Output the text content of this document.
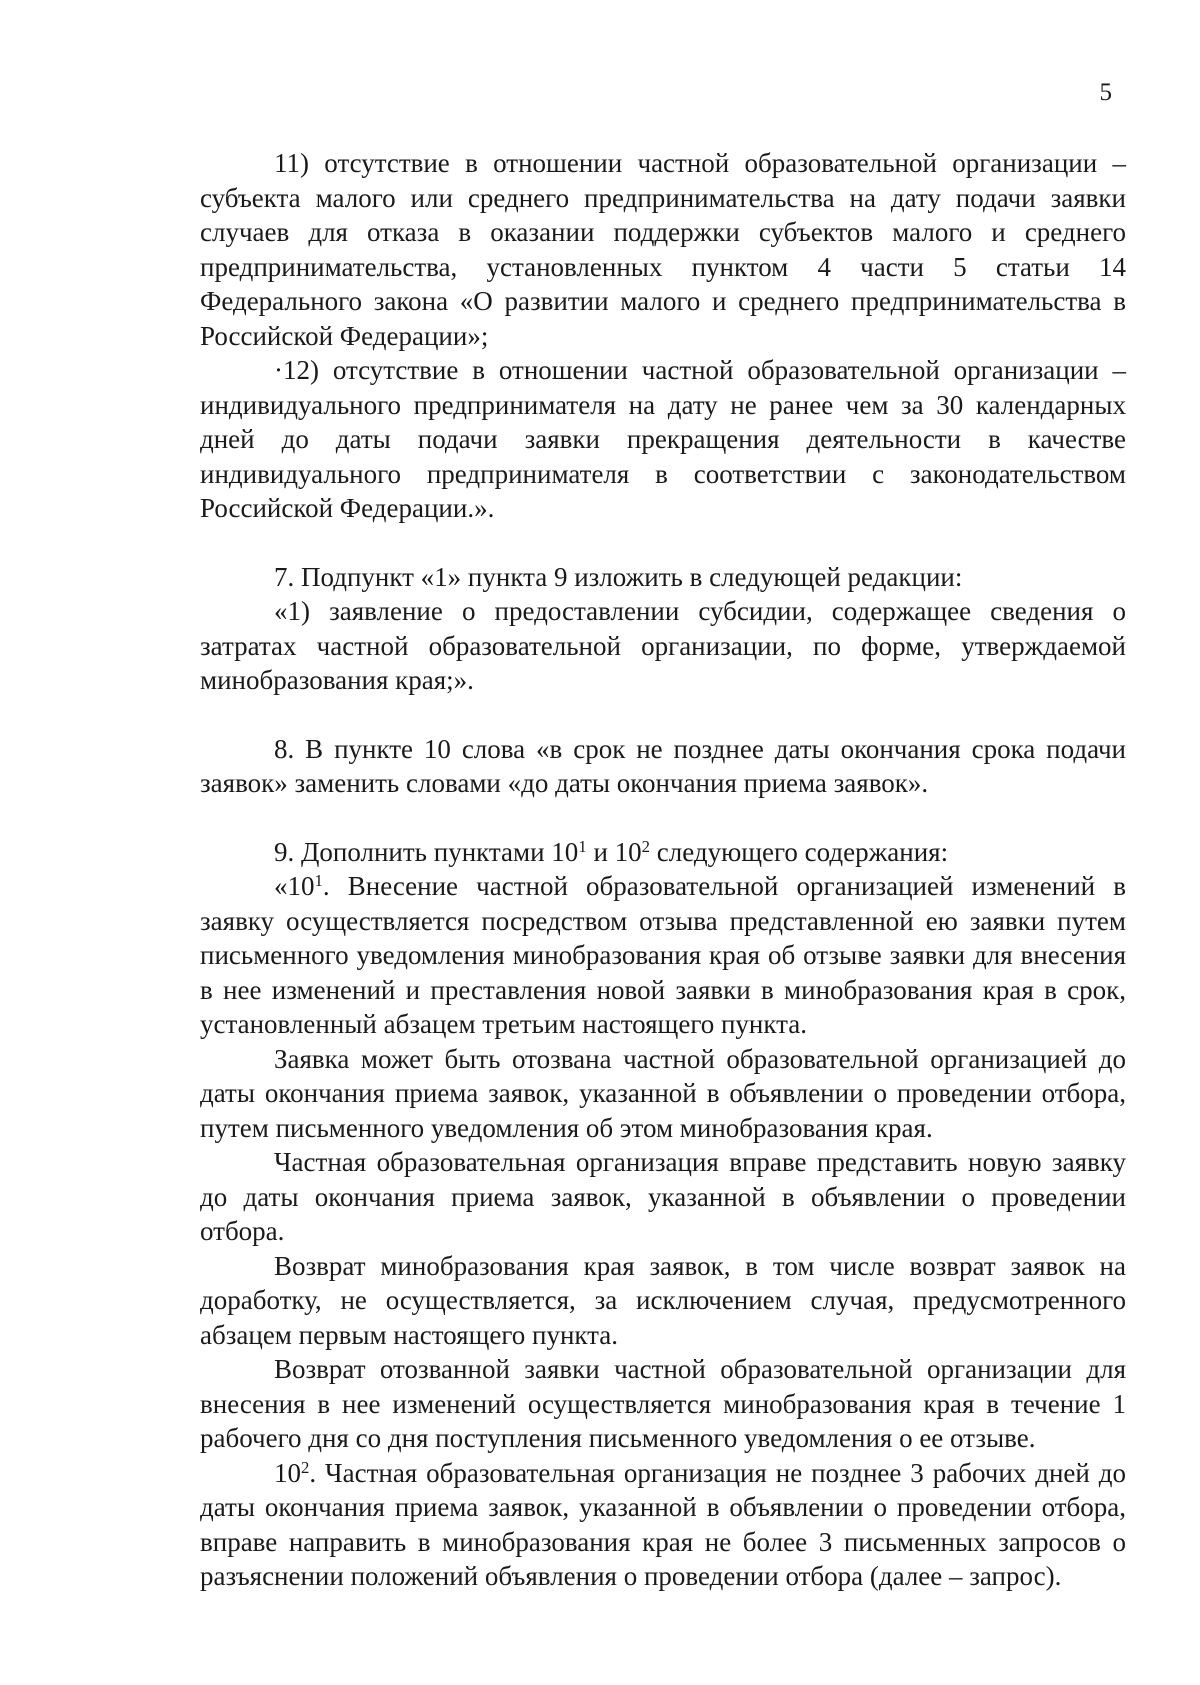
5

11) отсутствие в отношении частной образовательной организации – субъекта малого или среднего предпринимательства на дату подачи заявки случаев для отказа в оказании поддержки субъектов малого и среднего предпринимательства, установленных пунктом 4 части 5 статьи 14 Федерального закона «О развитии малого и среднего предпринимательства в Российской Федерации»;

·12) отсутствие в отношении частной образовательной организации – индивидуального предпринимателя на дату не ранее чем за 30 календарных дней до даты подачи заявки прекращения деятельности в качестве индивидуального предпринимателя в соответствии с законодательством Российской Федерации.».

7. Подпункт «1» пункта 9 изложить в следующей редакции:

«1) заявление о предоставлении субсидии, содержащее сведения о затратах частной образовательной организации, по форме, утверждаемой минобразования края;».

8. В пункте 10 слова «в срок не позднее даты окончания срока подачи заявок» заменить словами «до даты окончания приема заявок».

9. Дополнить пунктами $10^1$ и $10^2$ следующего содержания:

«$10^1$. Внесение частной образовательной организацией изменений в заявку осуществляется посредством отзыва представленной ею заявки путем письменного уведомления минобразования края об отзыве заявки для внесения в нее изменений и преставления новой заявки в минобразования края в срок, установленный абзацем третьим настоящего пункта.

Заявка может быть отозвана частной образовательной организацией до даты окончания приема заявок, указанной в объявлении о проведении отбора, путем письменного уведомления об этом минобразования края.

Частная образовательная организация вправе представить новую заявку до даты окончания приема заявок, указанной в объявлении о проведении отбора.

Возврат минобразования края заявок, в том числе возврат заявок на доработку, не осуществляется, за исключением случая, предусмотренного абзацем первым настоящего пункта.

Возврат отозванной заявки частной образовательной организации для внесения в нее изменений осуществляется минобразования края в течение 1 рабочего дня со дня поступления письменного уведомления о ее отзыве.

$10^2$. Частная образовательная организация не позднее 3 рабочих дней до даты окончания приема заявок, указанной в объявлении о проведении отбора, вправе направить в минобразования края не более 3 письменных запросов о разъяснении положений объявления о проведении отбора (далее – запрос).
